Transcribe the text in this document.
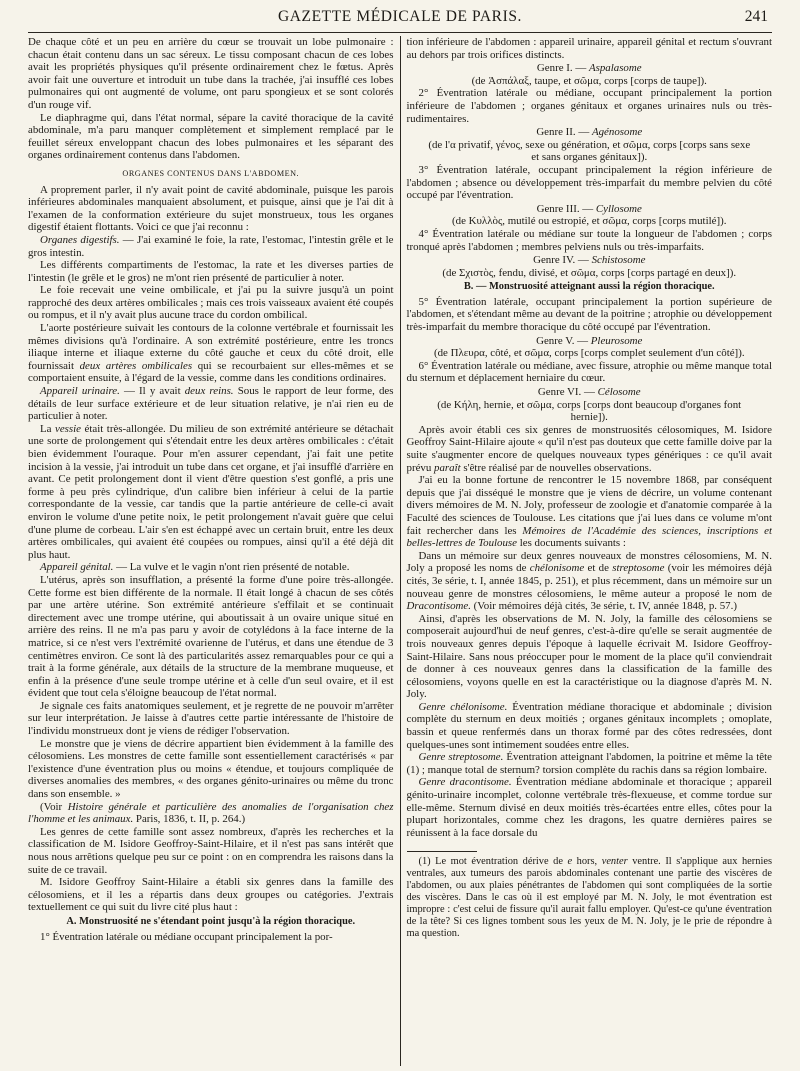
GAZETTE MÉDICALE DE PARIS.	241

De chaque côté et un peu en arrière du cœur se trouvait un lobe pulmonaire : chacun était contenu dans un sac séreux. Le tissu composant chacun de ces lobes avait les propriétés physiques qu'il présente ordinairement chez le fœtus. Après avoir fait une ouverture et introduit un tube dans la trachée, j'ai insufflé ces lobes pulmonaires qui ont augmenté de volume, ont paru spongieux et se sont colorés d'un rouge vif.

Le diaphragme qui, dans l'état normal, sépare la cavité thoracique de la cavité abdominale, m'a paru manquer complètement et simplement remplacé par le feuillet séreux enveloppant chacun des lobes pulmonaires et les séparant des organes ordinairement contenus dans l'abdomen.

ORGANES CONTENUS DANS L'ABDOMEN.

A proprement parler, il n'y avait point de cavité abdominale, puisque les parois inférieures abdominales manquaient absolument, et puisque, ainsi que je l'ai dit à l'examen de la conformation extérieure du sujet monstrueux, tous les organes digestif étaient flottants. Voici ce que j'ai reconnu :

Organes digestifs. — J'ai examiné le foie, la rate, l'estomac, l'intestin grêle et le gros intestin.

Les différents compartiments de l'estomac, la rate et les diverses parties de l'intestin (le grêle et le gros) ne m'ont rien présenté de particulier à noter.

Le foie recevait une veine ombilicale, et j'ai pu la suivre jusqu'à un point rapproché des deux artères ombilicales ; mais ces trois vaisseaux avaient été coupés ou rompus, et il n'y avait plus aucune trace du cordon ombilical.

L'aorte postérieure suivait les contours de la colonne vertébrale et fournissait les mêmes divisions qu'à l'ordinaire. A son extrémité postérieure, entre les troncs iliaque interne et iliaque externe du côté gauche et ceux du côté droit, elle fournissait deux artères ombilicales qui se recourbaient sur elles-mêmes et se comportaient ensuite, à l'égard de la vessie, comme dans les conditions ordinaires.

Appareil urinaire. — Il y avait deux reins. Sous le rapport de leur forme, des détails de leur surface extérieure et de leur situation relative, je n'ai rien eu de particulier à noter.

La vessie était très-allongée. Du milieu de son extrémité antérieure se détachait une sorte de prolongement qui s'étendait entre les deux artères ombilicales : c'était bien évidemment l'ouraque. Pour m'en assurer cependant, j'ai fait une petite incision à la vessie, j'ai introduit un tube dans cet organe, et j'ai insufflé d'arrière en avant. Ce petit prolongement dont il vient d'être question s'est gonflé, a pris une forme à peu près cylindrique, d'un calibre bien inférieur à celui de la partie correspondante de la vessie, car tandis que la partie antérieure de celle-ci avait environ le volume d'une petite noix, le petit prolongement n'avait guère que celui d'une plume de corbeau. L'air s'en est échappé avec un certain bruit, entre les deux artères ombilicales, qui avaient été coupées ou rompues, ainsi qu'il a été déjà dit plus haut.

Appareil génital. — La vulve et le vagin n'ont rien présenté de notable.

L'utérus, après son insufflation, a présenté la forme d'une poire très-allongée. Cette forme est bien différente de la normale. Il était longé à chacun de ses côtés par une artère utérine. Son extrémité antérieure s'effilait et se continuait directement avec une trompe utérine, qui aboutissait à un ovaire unique situé en arrière des reins. Il ne m'a pas paru y avoir de cotylédons à la face interne de la matrice, si ce n'est vers l'extrémité ovarienne de l'utérus, et dans une étendue de 3 centimètres environ. Ce sont là des particularités assez remarquables pour ce qui a trait à la forme générale, aux détails de la structure de la membrane muqueuse, et enfin à la présence d'une seule trompe utérine et à celle d'un seul ovaire, et il est évident que tout cela s'éloigne beaucoup de l'état normal.

Je signale ces faits anatomiques seulement, et je regrette de ne pouvoir m'arrêter sur leur interprétation. Je laisse à d'autres cette partie intéressante de l'histoire de l'individu monstrueux dont je viens de rédiger l'observation.

Le monstre que je viens de décrire appartient bien évidemment à la famille des célosomiens. Les monstres de cette famille sont essentiellement caractérisés « par l'existence d'une éventration plus ou moins « étendue, et toujours compliquée de diverses anomalies des membres, « des organes génito-urinaires ou même du tronc dans son ensemble. »

(Voir Histoire générale et particulière des anomalies de l'organisation chez l'homme et les animaux. Paris, 1836, t. II, p. 264.)

Les genres de cette famille sont assez nombreux, d'après les recherches et la classification de M. Isidore Geoffroy-Saint-Hilaire, et il n'est pas sans intérêt que nous nous arrêtions quelque peu sur ce point : on en comprendra les raisons dans la suite de ce travail.

M. Isidore Geoffroy Saint-Hilaire a établi six genres dans la famille des célosomiens, et il les a répartis dans deux groupes ou catégories. J'extrais textuellement ce qui suit du livre cité plus haut :

A. Monstruosité ne s'étendant point jusqu'à la région thoracique.

1° Éventration latérale ou médiane occupant principalement la por-

tion inférieure de l'abdomen : appareil urinaire, appareil génital et rectum s'ouvrant au dehors par trois orifices distincts.

Genre I. — Aspalasome
(de Ἀσπάλαξ, taupe, et σῶμα, corps [corps de taupe]).

2° Éventration latérale ou médiane, occupant principalement la portion inférieure de l'abdomen ; organes génitaux et organes urinaires nuls ou très-rudimentaires.

Genre II. — Agénosome
(de l'α privatif, γένος, sexe ou génération, et σῶμα, corps [corps sans sexe et sans organes génitaux]).

3° Éventration latérale, occupant principalement la région inférieure de l'abdomen ; absence ou développement très-imparfait du membre pelvien du côté occupé par l'éventration.

Genre III. — Cyllosome
(de Κυλλὸς, mutilé ou estropié, et σῶμα, corps [corps mutilé]).

4° Éventration latérale ou médiane sur toute la longueur de l'abdomen ; corps tronqué après l'abdomen ; membres pelviens nuls ou très-imparfaits.

Genre IV. — Schistosome
(de Σχιστὸς, fendu, divisé, et σῶμα, corps [corps partagé en deux]).
B. — Monstruosité atteignant aussi la région thoracique.

5° Éventration latérale, occupant principalement la portion supérieure de l'abdomen, et s'étendant même au devant de la poitrine ; atrophie ou développement très-imparfait du membre thoracique du côté occupé par l'éventration.

Genre V. — Pleurosome
(de Πλευρα, côté, et σῶμα, corps [corps complet seulement d'un côté]).

6° Éventration latérale ou médiane, avec fissure, atrophie ou même manque total du sternum et déplacement herniaire du cœur.

Genre VI. — Célosome
(de Κήλη, hernie, et σῶμα, corps [corps dont beaucoup d'organes font hernie]).

Après avoir établi ces six genres de monstruosités célosomiques, M. Isidore Geoffroy Saint-Hilaire ajoute « qu'il n'est pas douteux que cette famille doive par la suite s'augmenter encore de quelques nouveaux types génériques : ce qu'il avait prévu paraît s'être réalisé par de nouvelles observations.

J'ai eu la bonne fortune de rencontrer le 15 novembre 1868, par conséquent depuis que j'ai disséqué le monstre que je viens de décrire, un volume contenant divers mémoires de M. N. Joly, professeur de zoologie et d'anatomie comparée à la Faculté des sciences de Toulouse. Les citations que j'ai lues dans ce volume m'ont fait rechercher dans les Mémoires de l'Académie des sciences, inscriptions et belles-lettres de Toulouse les documents suivants :

Dans un mémoire sur deux genres nouveaux de monstres célosomiens, M. N. Joly a proposé les noms de chélonisome et de streptosome (voir les mémoires déjà cités, 3e série, t. I, année 1845, p. 251), et plus récemment, dans un mémoire sur un nouveau genre de monstres célosomiens, le même auteur a proposé le nom de Dracontisome. (Voir mémoires déjà cités, 3e série, t. IV, année 1848, p. 57.)

Ainsi, d'après les observations de M. N. Joly, la famille des célosomiens se composerait aujourd'hui de neuf genres, c'est-à-dire qu'elle se serait augmentée de trois nouveaux genres depuis l'époque à laquelle écrivait M. Isidore Geoffroy-Saint-Hilaire. Sans nous préoccuper pour le moment de la place qu'il conviendrait de donner à ces nouveaux genres dans la classification de la famille des célosomiens, voyons quelle en est la caractéristique ou la diagnose d'après M. N. Joly.

Genre chélonisome. Éventration médiane thoracique et abdominale ; division complète du sternum en deux moitiés ; organes génitaux incomplets ; omoplate, bassin et queue renfermés dans un thorax formé par des côtes redressées, dont quelques-unes sont intimement soudées entre elles.

Genre streptosome. Éventration atteignant l'abdomen, la poitrine et même la tête (1) ; manque total de sternum? torsion complète du rachis dans sa région lombaire.

Genre dracontisome. Éventration médiane abdominale et thoracique ; appareil génito-urinaire incomplet, colonne vertébrale très-flexueuse, et comme tordue sur elle-même. Sternum divisé en deux moitiés très-écartées entre elles, côtes pour la plupart horizontales, comme chez les dragons, les quatre dernières paires se réunissent à la face dorsale du

(1) Le mot éventration dérive de e hors, venter ventre. Il s'applique aux hernies ventrales, aux tumeurs des parois abdominales contenant une partie des viscères de l'abdomen, ou aux plaies pénétrantes de l'abdomen qui sont compliquées de la sortie des viscères. Dans le cas où il est employé par M. N. Joly, le mot éventration est impropre : c'est celui de fissure qu'il aurait fallu employer. Qu'est-ce qu'une éventration de la tête? Si ces lignes tombent sous les yeux de M. N. Joly, je le prie de répondre à ma question.
